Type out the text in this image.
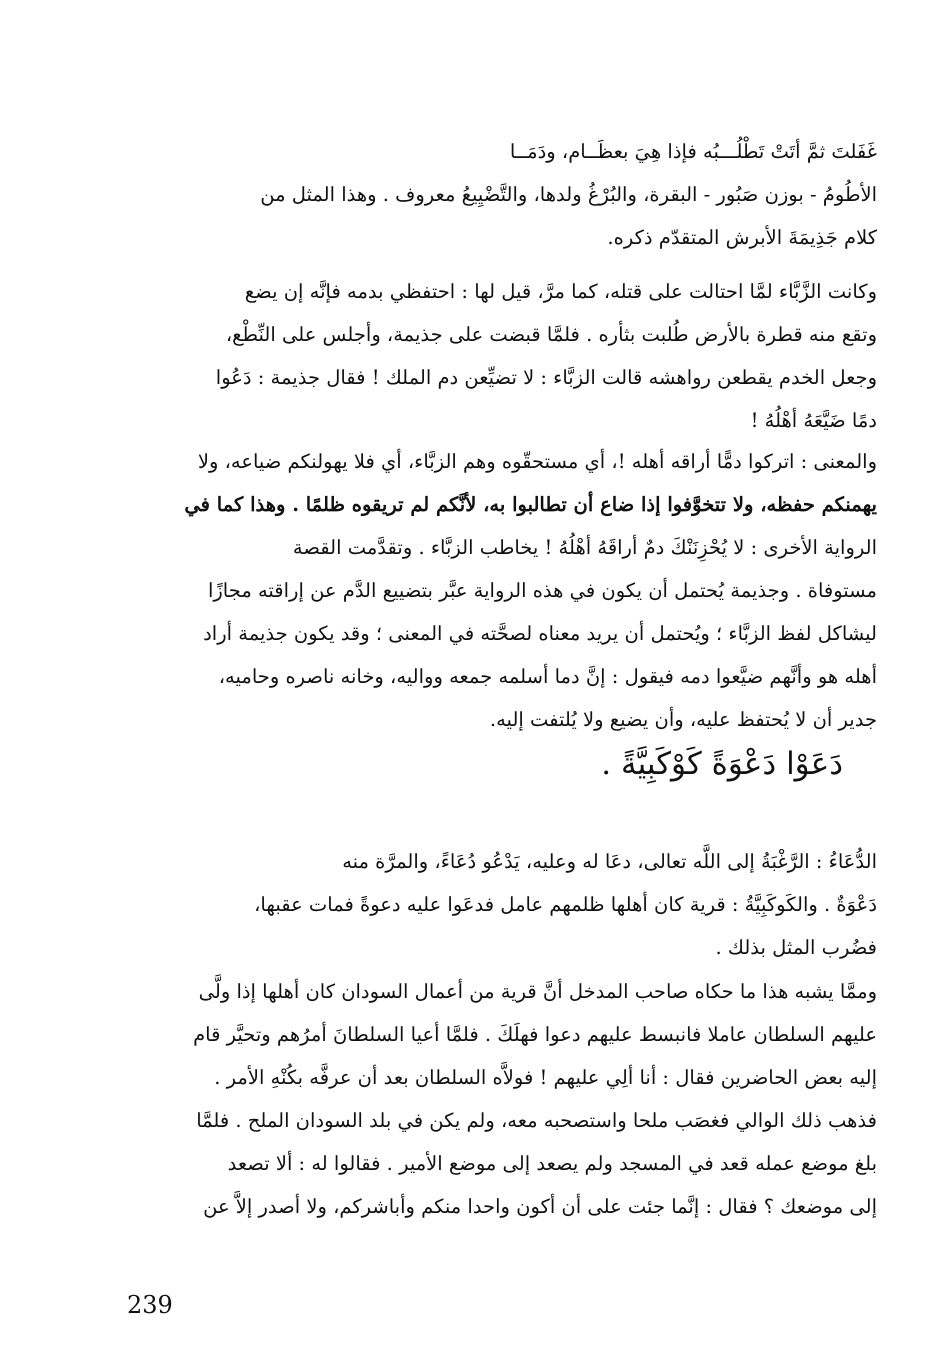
غَفَلتَ ثمَّ أتَتْ تَطْلُـــبُه فإذا هِيَ بعظَــام، ودَمَــا
الأطُومُ - بوزن صَبُور - البقرة، والبُرْغُ ولدها، والتَّضْيِيعُ معروف . وهذا المثل من
كلام جَذِيمَةَ الأبرش المتقدّم ذكره.
وكانت الزَّبَّاء لمَّا احتالت على قتله، كما مرَّ، قيل لها : احتفظي بدمه فإنَّه إن يضع
وتقع منه قطرة بالأرض طُلبت بثأره . فلمَّا قبضت على جذيمة، وأجلس على النِّطْع،
وجعل الخدم يقطعن رواهشه قالت الزبَّاء : لا تضيِّعن دم الملك ! فقال جذيمة : دَعُوا
دمًا ضَيَّعَهُ أهْلُهُ !
والمعنى : اتركوا دمًّا أراقه أهله !، أي مستحقّوه وهم الزبَّاء، أي فلا يهولنكم ضياعه، ولا
يهمنكم حفظه، ولا تتخوَّفوا إذا ضاع أن تطالبوا به، لأنَّكم لم تريقوه ظلمًا . وهذا كما في
الرواية الأخرى : لا يُحْزِنَنْكَ دمٌ أراقَهُ أهْلُهُ ! يخاطب الزبَّاء . وتقدَّمت القصة
مستوفاة . وجذيمة يُحتمل أن يكون في هذه الرواية عبَّر بتضييع الدَّم عن إراقته مجازًا
ليشاكل لفظ الزبَّاء ؛ ويُحتمل أن يريد معناه لصحَّته في المعنى ؛ وقد يكون جذيمة أراد
أهله هو وأنَّهم ضيَّعوا دمه فيقول : إنَّ دما أسلمه جمعه وواليه، وخانه ناصره وحاميه،
جدير أن لا يُحتفظ عليه، وأن يضيع ولا يُلتفت إليه.
دَعَوْا دَعْوَةً كَوْكَبِيَّةً .
الدُّعَاءُ : الرَّغْبَةُ إلى اللَّه تعالى، دعَا له وعليه، يَدْعُو دُعَاءً، والمرَّة منه
دَعْوَةٌ . والكَوكَبِيَّةُ : قرية كان أهلها ظلمهم عامل فدعَوا عليه دعوةً فمات عقبها،
فضُرب المثل بذلك .
وممَّا يشبه هذا ما حكاه صاحب المدخل أنَّ قرية من أعمال السودان كان أهلها إذا ولَّى
عليهم السلطان عاملا فانبسط عليهم دعوا فهلَكَ . فلمَّا أعيا السلطانَ أمرُهم وتحيَّر قام
إليه بعض الحاضرين فقال : أنا ألِي عليهم ! فولاَّه السلطان بعد أن عرفَّه بكُنْهِ الأمر .
فذهب ذلك الوالي فغصَب ملحا واستصحبه معه، ولم يكن في بلد السودان الملح . فلمَّا
بلغ موضع عمله قعد في المسجد ولم يصعد إلى موضع الأمير . فقالوا له : ألا تصعد
إلى موضعك ؟ فقال : إنَّما جئت على أن أكون واحدا منكم وأباشركم، ولا أصدر إلاَّ عن
239
